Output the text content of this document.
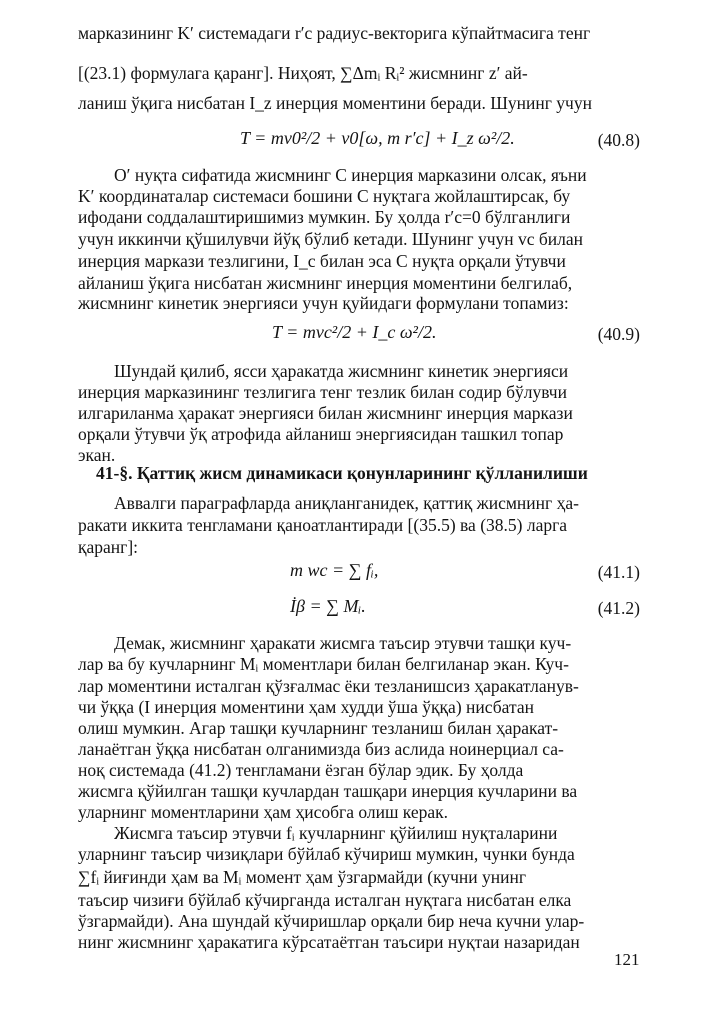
марказининг K′ системадаги r′c радиус-векторига кўпайтмасига тенг
[(23.1) формулага қаранг]. Ниҳоят, ∑Δmᵢ Rᵢ² жисмнинг z′ ай-
ланиш ўқига нисбатан I_z инерция моментини беради. Шунинг учун
T = mv0²/2 + v0[ω, m r′c] + I_z ω²/2.	(40.8)
O′ нуқта сифатида жисмнинг C инерция марказини олсак, яъни
K′ координаталар системаси бошини C нуқтага жойлаштирсак, бу
ифодани соддалаштиришимиз мумкин. Бу ҳолда r′c=0 бўлганлиги
учун иккинчи қўшилувчи йўқ бўлиб кетади. Шунинг учун vc билан
инерция маркази тезлигини, I_c билан эса C нуқта орқали ўтувчи
айланиш ўқига нисбатан жисмнинг инерция моментини белгилаб,
жисмнинг кинетик энергияси учун қуйидаги формулани топамиз:
T = mvc²/2 + I_c ω²/2.	(40.9)
Шундай қилиб, ясси ҳаракатда жисмнинг кинетик энергияси
инерция марказининг тезлигига тенг тезлик билан содир бўлувчи
илгариланма ҳаракат энергияси билан жисмнинг инерция маркази
орқали ўтувчи ўқ атрофида айланиш энергиясидан ташкил топар
экан.
41-§. Қаттиқ жисм динамикаси қонунларининг қўлланилиши
Аввалги параграфларда аниқланганидек, қаттиқ жисмнинг ҳа-
ракати иккита тенгламани қаноатлантиради [(35.5) ва (38.5) ларга
қаранг]:
m wc = ∑ fᵢ,	(41.1)
İβ = ∑ Mᵢ.	(41.2)
Демак, жисмнинг ҳаракати жисмга таъсир этувчи ташқи куч-
лар ва бу кучларнинг Mᵢ моментлари билан белгиланар экан. Куч-
лар моментини исталган қўзғалмас ёки тезланишсиз ҳаракатланув-
чи ўққа (I инерция моментини ҳам худди ўша ўққа) нисбатан
олиш мумкин. Агар ташқи кучларнинг тезланиш билан ҳаракат-
ланаётган ўққа нисбатан олганимизда биз аслида ноинерциал са-
ноқ системада (41.2) тенгламани ёзган бўлар эдик. Бу ҳолда
жисмга қўйилган ташқи кучлардан ташқари инерция кучларини ва
уларнинг моментларини ҳам ҳисобга олиш керак.
Жисмга таъсир этувчи fᵢ кучларнинг қўйилиш нуқталарини
уларнинг таъсир чизиқлари бўйлаб кўчириш мумкин, чунки бунда
∑fᵢ йиғинди ҳам ва Mᵢ момент ҳам ўзгармайди (кучни унинг
таъсир чизиғи бўйлаб кўчирганда исталган нуқтага нисбатан елка
ўзгармайди). Ана шундай кўчиришлар орқали бир неча кучни улар-
нинг жисмнинг ҳаракатига кўрсатаётган таъсири нуқтаи назаридан
121
